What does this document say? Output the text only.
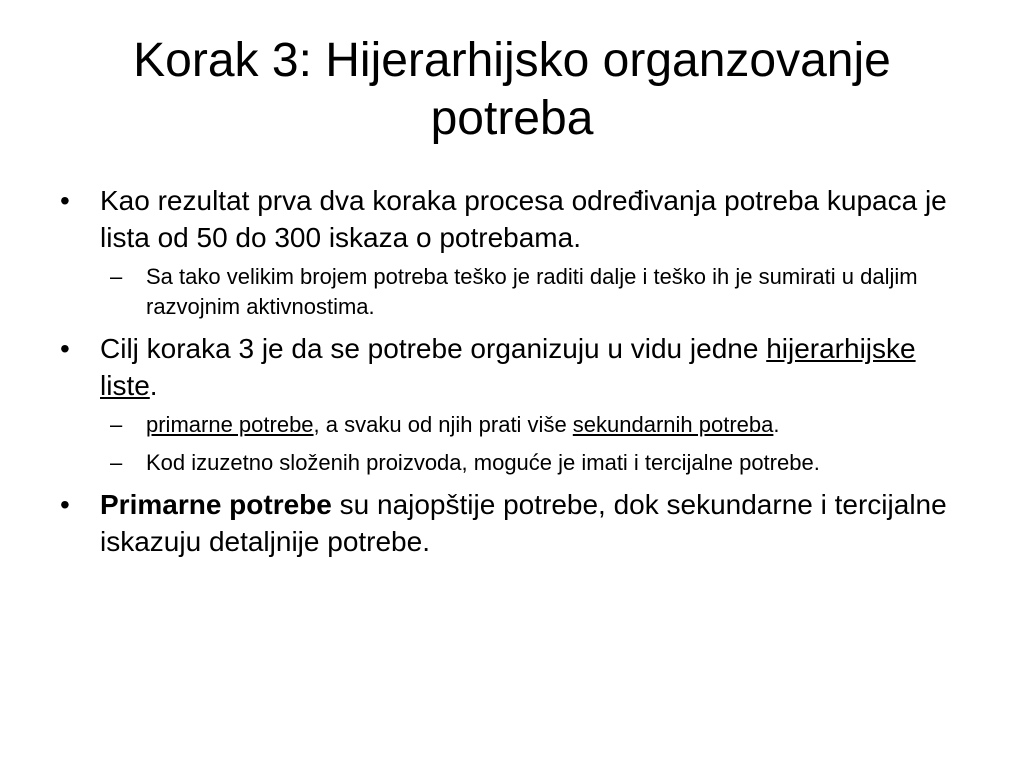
Korak 3: Hijerarhijsko organzovanje
potreba
•	Kao rezultat prva dva koraka procesa određivanja potreba kupaca je lista od 50 do 300 iskaza o potrebama.
– Sa tako velikim brojem potreba teško je raditi dalje i teško ih je sumirati u daljim razvojnim aktivnostima.
•	Cilj koraka 3 je da se potrebe organizuju u vidu jedne hijerarhijske liste.
– primarne potrebe, a svaku od njih prati više sekundarnih potreba.
– Kod izuzetno složenih proizvoda, moguće je imati i tercijalne potrebe.
•	Primarne potrebe su najopštije potrebe, dok sekundarne i tercijalne iskazuju detaljnije potrebe.
